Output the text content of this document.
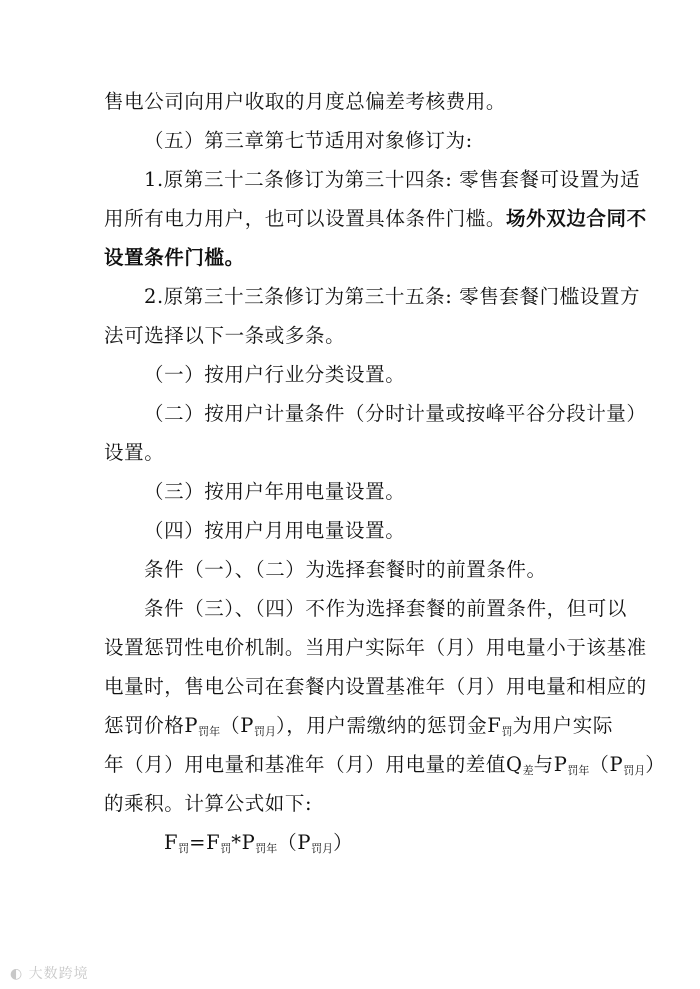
售电公司向用户收取的月度总偏差考核费用。
（五）第三章第七节适用对象修订为:
1.原第三十二条修订为第三十四条: 零售套餐可设置为适
用所有电力用户，也可以设置具体条件门槛。场外双边合同不
设置条件门槛。
2.原第三十三条修订为第三十五条: 零售套餐门槛设置方
法可选择以下一条或多条。
（一）按用户行业分类设置。
（二）按用户计量条件（分时计量或按峰平谷分段计量）
设置。
（三）按用户年用电量设置。
（四）按用户月用电量设置。
条件（一）、（二）为选择套餐时的前置条件。
条件（三）、（四）不作为选择套餐的前置条件，但可以
设置惩罚性电价机制。当用户实际年（月）用电量小于该基准
电量时，售电公司在套餐内设置基准年（月）用电量和相应的
惩罚价格$P_{罚年}(P_{罚月})$，用户需缴纳的惩罚金$F_罚$为用户实际
年（月）用电量和基准年（月）用电量的差值$Q_差$与$P_{罚年}(P_{罚月})$
的乘积。计算公式如下:
$F_罚=F_罚*P_{罚年}(P_{罚月})$
◐ 大数跨境
